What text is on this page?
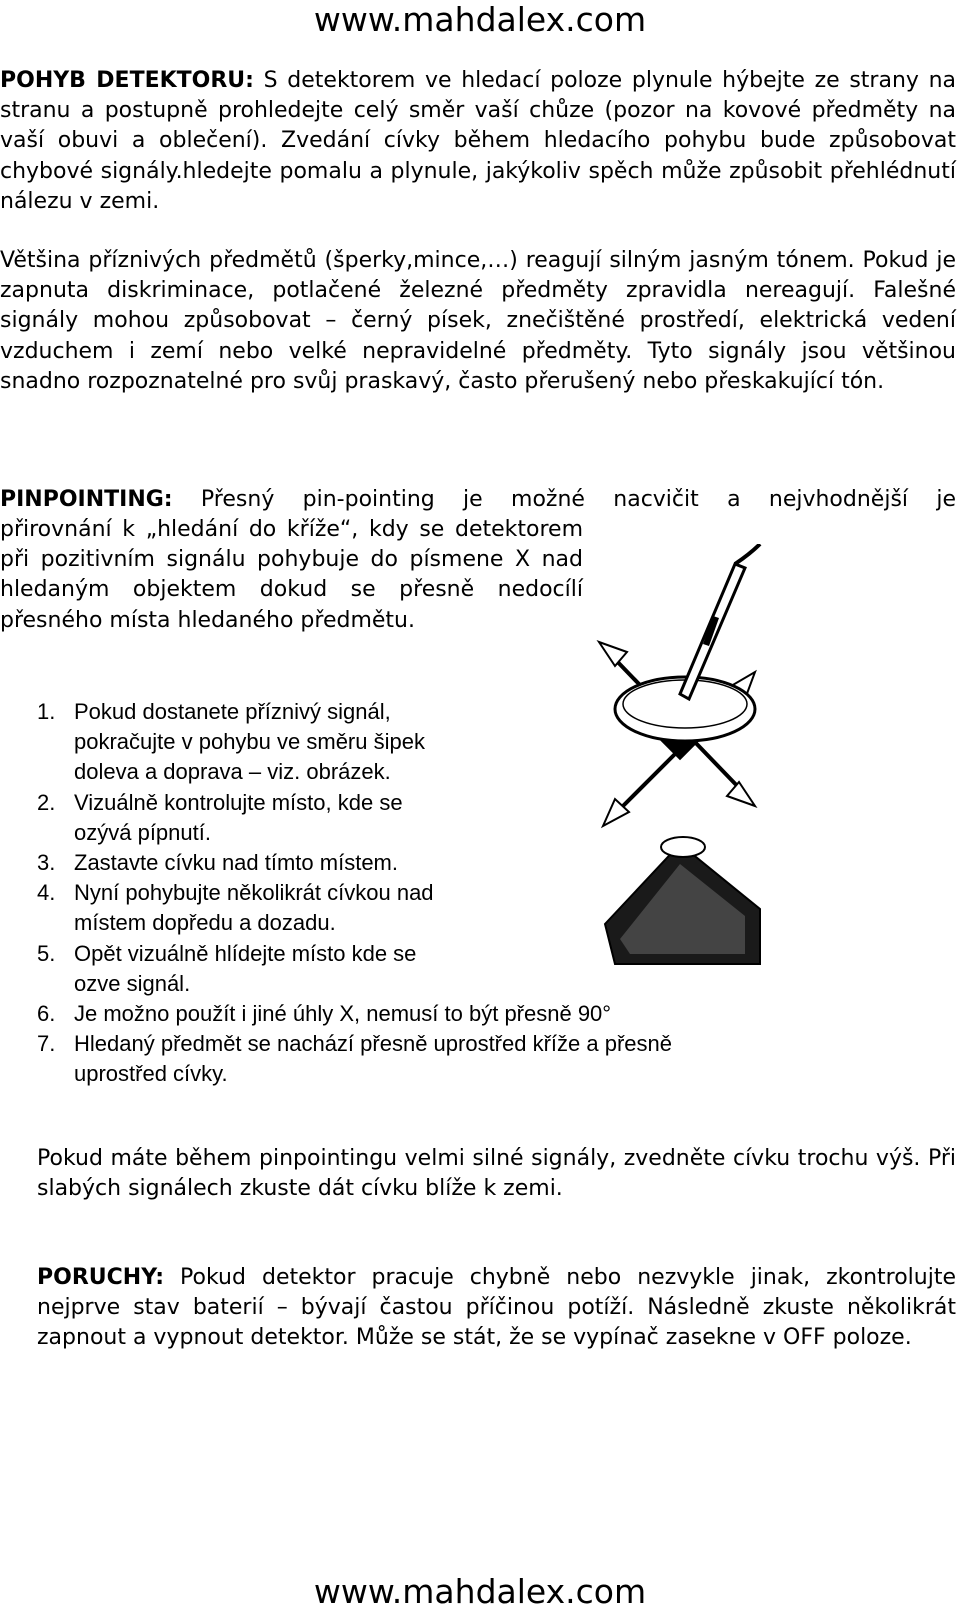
www.mahdalex.com

POHYB DETEKTORU: S detektorem ve hledací poloze plynule hýbejte ze strany na stranu a postupně prohledejte celý směr vaší chůze (pozor na kovové předměty na vaší obuvi a oblečení). Zvedání cívky během hledacího pohybu bude způsobovat chybové signály.hledejte pomalu a plynule, jakýkoliv spěch může způsobit přehlédnutí nálezu v zemi.

Většina příznivých předmětů (šperky,mince,…) reagují silným jasným tónem. Pokud je zapnuta diskriminace, potlačené železné předměty zpravidla nereagují. Falešné signály mohou způsobovat – černý písek, znečištěné prostředí, elektrická vedení vzduchem i zemí nebo velké nepravidelné předměty. Tyto signály jsou většinou snadno rozpoznatelné pro svůj praskavý, často přerušený nebo přeskakující tón.

PINPOINTING: Přesný pin-pointing je možné nacvičit a nejvhodnější je

přirovnání k „hledání do kříže“, kdy se detektorem při pozitivním signálu pohybuje do písmene X nad hledaným objektem dokud se přesně nedocílí přesného místa hledaného předmětu.

1. Pokud dostanete příznivý signál,
pokračujte v pohybu ve směru šipek
doleva a doprava – viz. obrázek.
2. Vizuálně kontrolujte místo, kde se
ozývá pípnutí.
3. Zastavte cívku nad tímto místem.
4. Nyní pohybujte několikrát cívkou nad
místem dopředu a dozadu.
5. Opět vizuálně hlídejte místo kde se
ozve signál.
6. Je možno použít i jiné úhly X, nemusí to být přesně 90°
7. Hledaný předmět se nachází přesně uprostřed kříže a přesně
uprostřed cívky.

Pokud máte během pinpointingu velmi silné signály, zvedněte cívku trochu výš. Při slabých signálech zkuste dát cívku blíže k zemi.

PORUCHY: Pokud detektor pracuje chybně nebo nezvykle jinak, zkontrolujte nejprve stav baterií – bývají častou příčinou potíží. Následně zkuste několikrát zapnout a vypnout detektor. Může se stát, že se vypínač zasekne v OFF poloze.

www.mahdalex.com
